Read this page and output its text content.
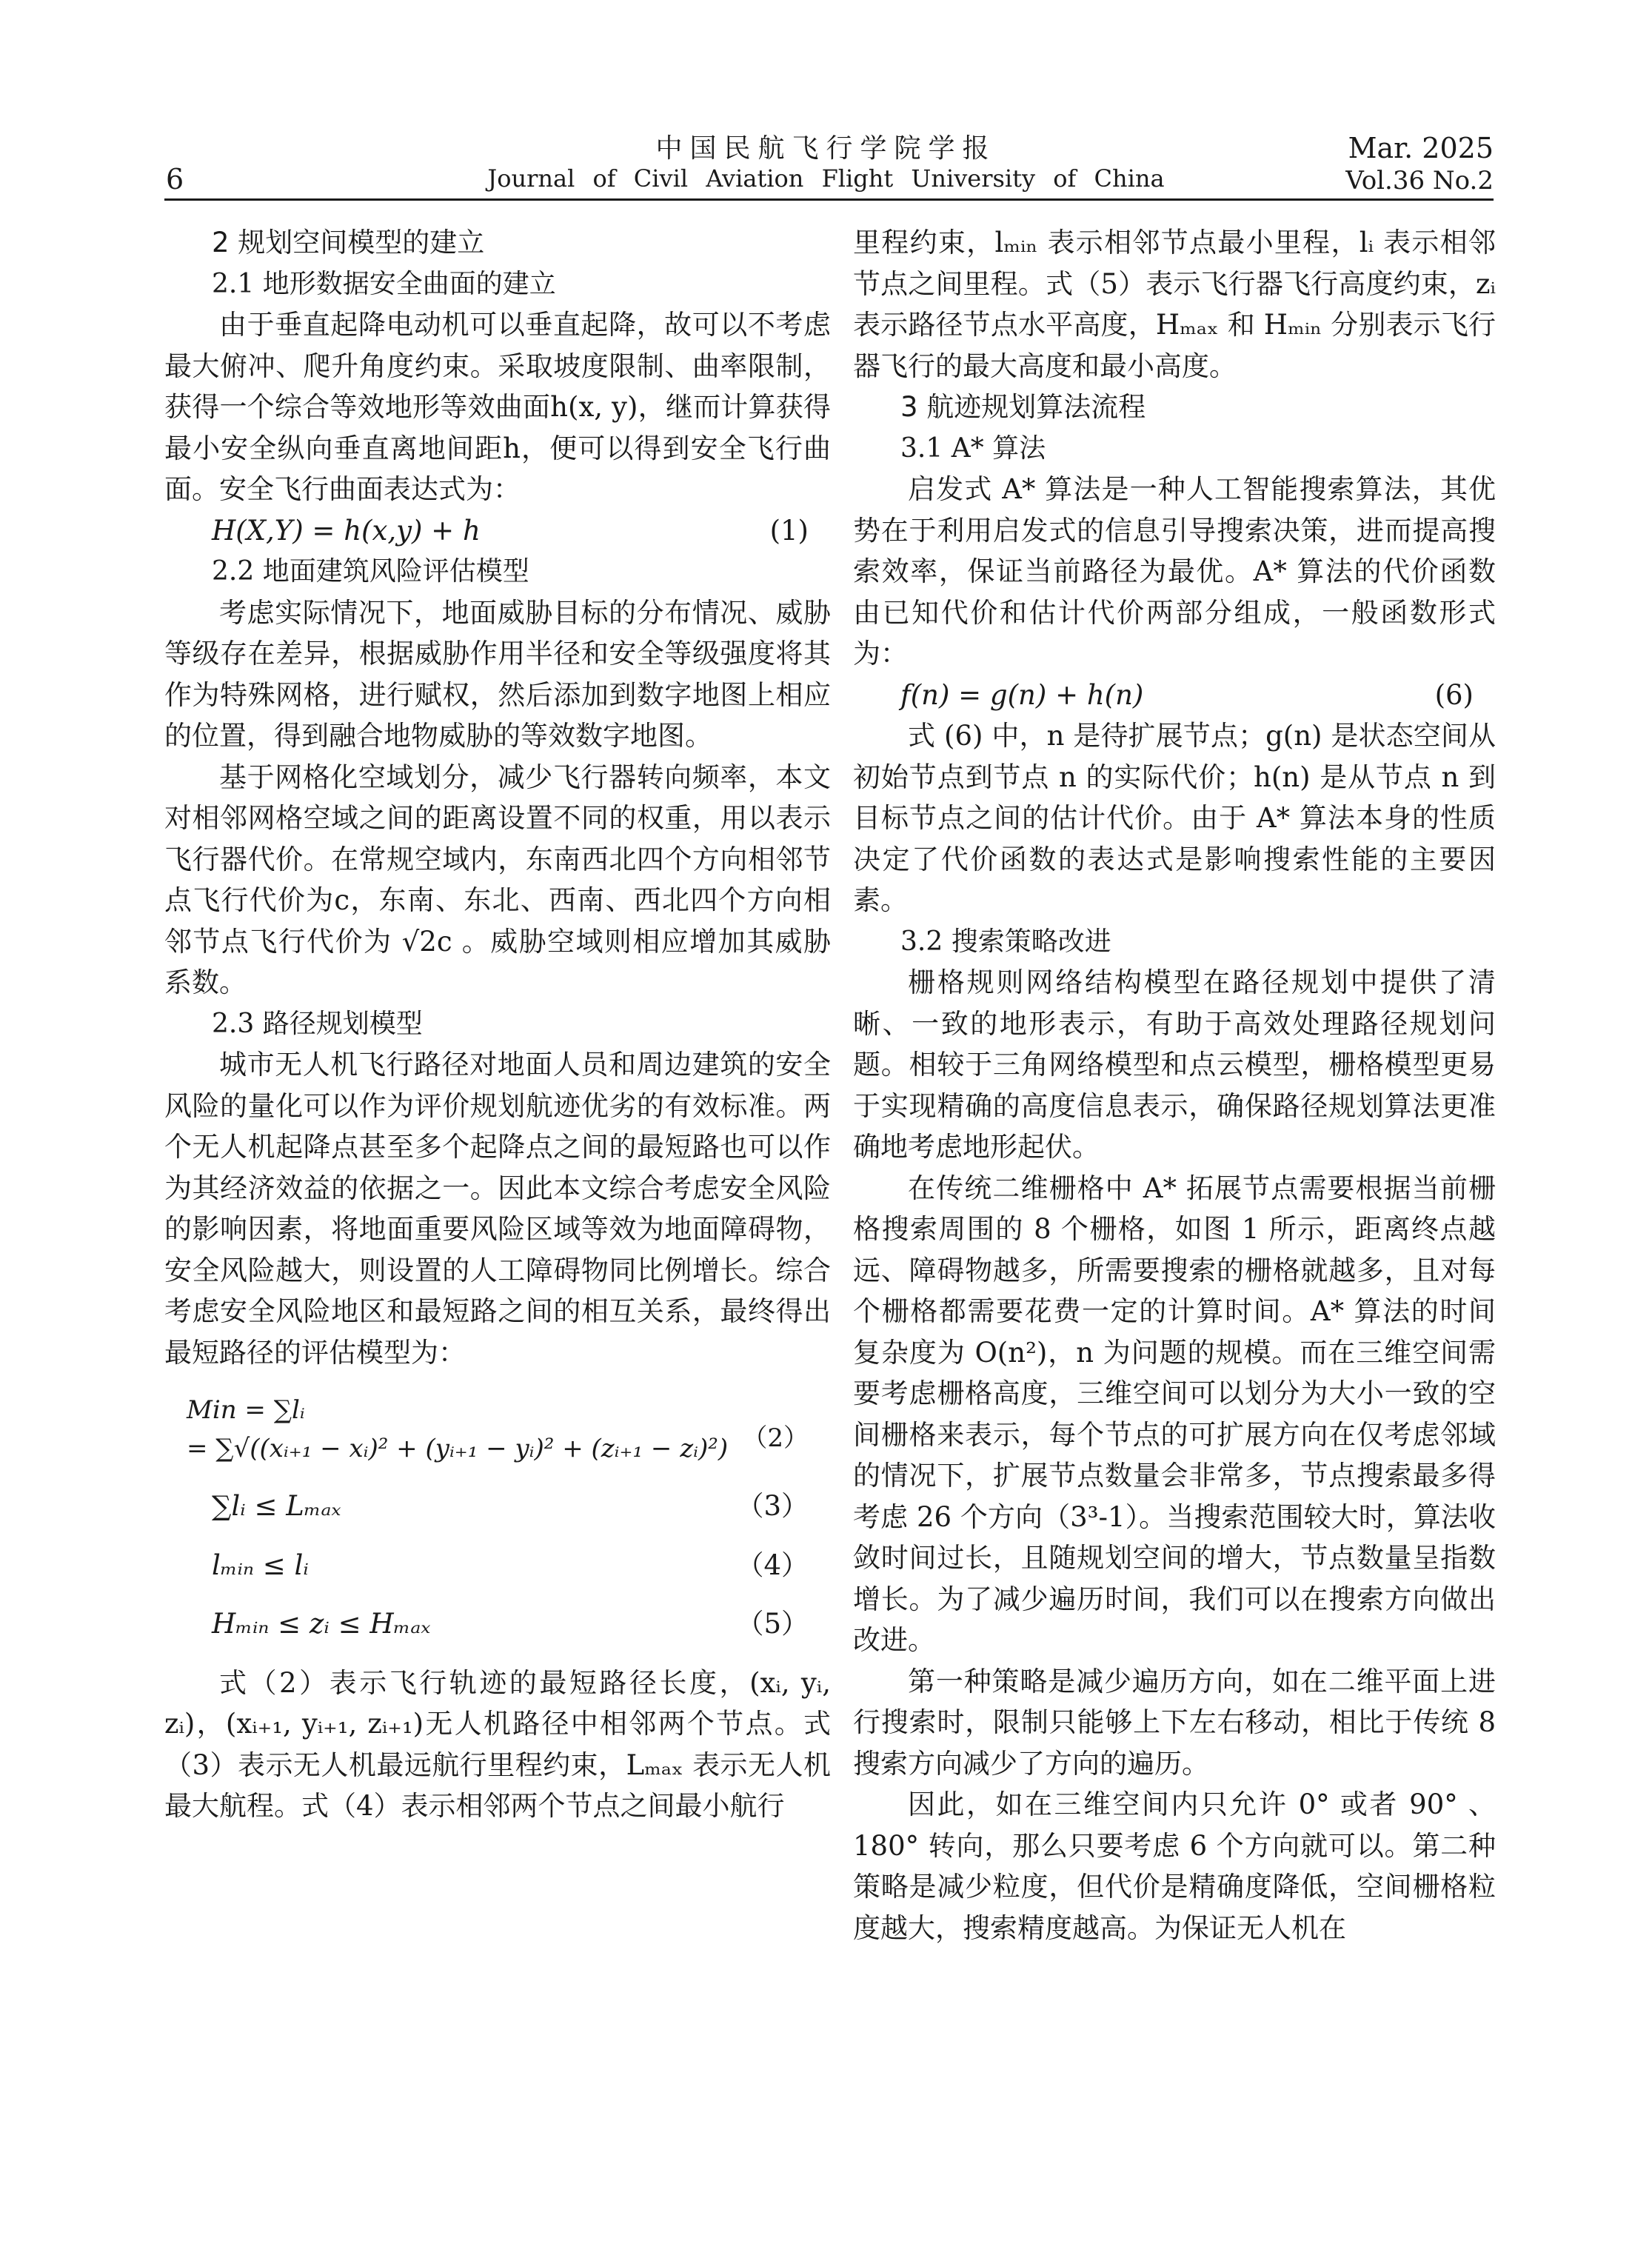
6
中国民航飞行学院学报
Journal of Civil Aviation Flight University of China
Mar. 2025
Vol.36 No.2

2 规划空间模型的建立

2.1 地形数据安全曲面的建立

由于垂直起降电动机可以垂直起降，故可以不考虑最大俯冲、爬升角度约束。采取坡度限制、曲率限制，获得一个综合等效地形等效曲面h(x, y)，继而计算获得最小安全纵向垂直离地间距h，便可以得到安全飞行曲面。安全飞行曲面表达式为：

H(X,Y) = h(x,y) + h	(1)

2.2 地面建筑风险评估模型

考虑实际情况下，地面威胁目标的分布情况、威胁等级存在差异，根据威胁作用半径和安全等级强度将其作为特殊网格，进行赋权，然后添加到数字地图上相应的位置，得到融合地物威胁的等效数字地图。

基于网格化空域划分，减少飞行器转向频率，本文对相邻网格空域之间的距离设置不同的权重，用以表示飞行器代价。在常规空域内，东南西北四个方向相邻节点飞行代价为c，东南、东北、西南、西北四个方向相邻节点飞行代价为 √2c 。威胁空域则相应增加其威胁系数。

2.3 路径规划模型

城市无人机飞行路径对地面人员和周边建筑的安全风险的量化可以作为评价规划航迹优劣的有效标准。两个无人机起降点甚至多个起降点之间的最短路也可以作为其经济效益的依据之一。因此本文综合考虑安全风险的影响因素，将地面重要风险区域等效为地面障碍物，安全风险越大，则设置的人工障碍物同比例增长。综合考虑安全风险地区和最短路之间的相互关系，最终得出最短路径的评估模型为：

Min = ∑lᵢ
= ∑√((xᵢ₊₁ − xᵢ)² + (yᵢ₊₁ − yᵢ)² + (zᵢ₊₁ − zᵢ)²) （2）
∑lᵢ ≤ Lₘₐₓ	（3）
lₘᵢₙ ≤ lᵢ	（4）
Hₘᵢₙ ≤ zᵢ ≤ Hₘₐₓ	（5）

式（2）表示飞行轨迹的最短路径长度，(xᵢ, yᵢ, zᵢ)，(xᵢ₊₁, yᵢ₊₁, zᵢ₊₁)无人机路径中相邻两个节点。式（3）表示无人机最远航行里程约束，Lₘₐₓ 表示无人机最大航程。式（4）表示相邻两个节点之间最小航行

里程约束，lₘᵢₙ 表示相邻节点最小里程，lᵢ 表示相邻节点之间里程。式（5）表示飞行器飞行高度约束，zᵢ 表示路径节点水平高度，Hₘₐₓ 和 Hₘᵢₙ 分别表示飞行器飞行的最大高度和最小高度。

3 航迹规划算法流程

3.1 A* 算法

启发式 A* 算法是一种人工智能搜索算法，其优势在于利用启发式的信息引导搜索决策，进而提高搜索效率，保证当前路径为最优。A* 算法的代价函数由已知代价和估计代价两部分组成，一般函数形式为：

f(n) = g(n) + h(n)	(6)

式 (6) 中，n 是待扩展节点；g(n) 是状态空间从初始节点到节点 n 的实际代价；h(n) 是从节点 n 到目标节点之间的估计代价。由于 A* 算法本身的性质决定了代价函数的表达式是影响搜索性能的主要因素。

3.2 搜索策略改进

栅格规则网络结构模型在路径规划中提供了清晰、一致的地形表示，有助于高效处理路径规划问题。相较于三角网络模型和点云模型，栅格模型更易于实现精确的高度信息表示，确保路径规划算法更准确地考虑地形起伏。

在传统二维栅格中 A* 拓展节点需要根据当前栅格搜索周围的 8 个栅格，如图 1 所示，距离终点越远、障碍物越多，所需要搜索的栅格就越多，且对每个栅格都需要花费一定的计算时间。A* 算法的时间复杂度为 O(n²)，n 为问题的规模。而在三维空间需要考虑栅格高度，三维空间可以划分为大小一致的空间栅格来表示，每个节点的可扩展方向在仅考虑邻域的情况下，扩展节点数量会非常多，节点搜索最多得考虑 26 个方向（3³-1）。当搜索范围较大时，算法收敛时间过长，且随规划空间的增大，节点数量呈指数增长。为了减少遍历时间，我们可以在搜索方向做出改进。

第一种策略是减少遍历方向，如在二维平面上进行搜索时，限制只能够上下左右移动，相比于传统 8 搜索方向减少了方向的遍历。

因此，如在三维空间内只允许 0° 或者 90° 、180° 转向，那么只要考虑 6 个方向就可以。第二种策略是减少粒度，但代价是精确度降低，空间栅格粒度越大，搜索精度越高。为保证无人机在
